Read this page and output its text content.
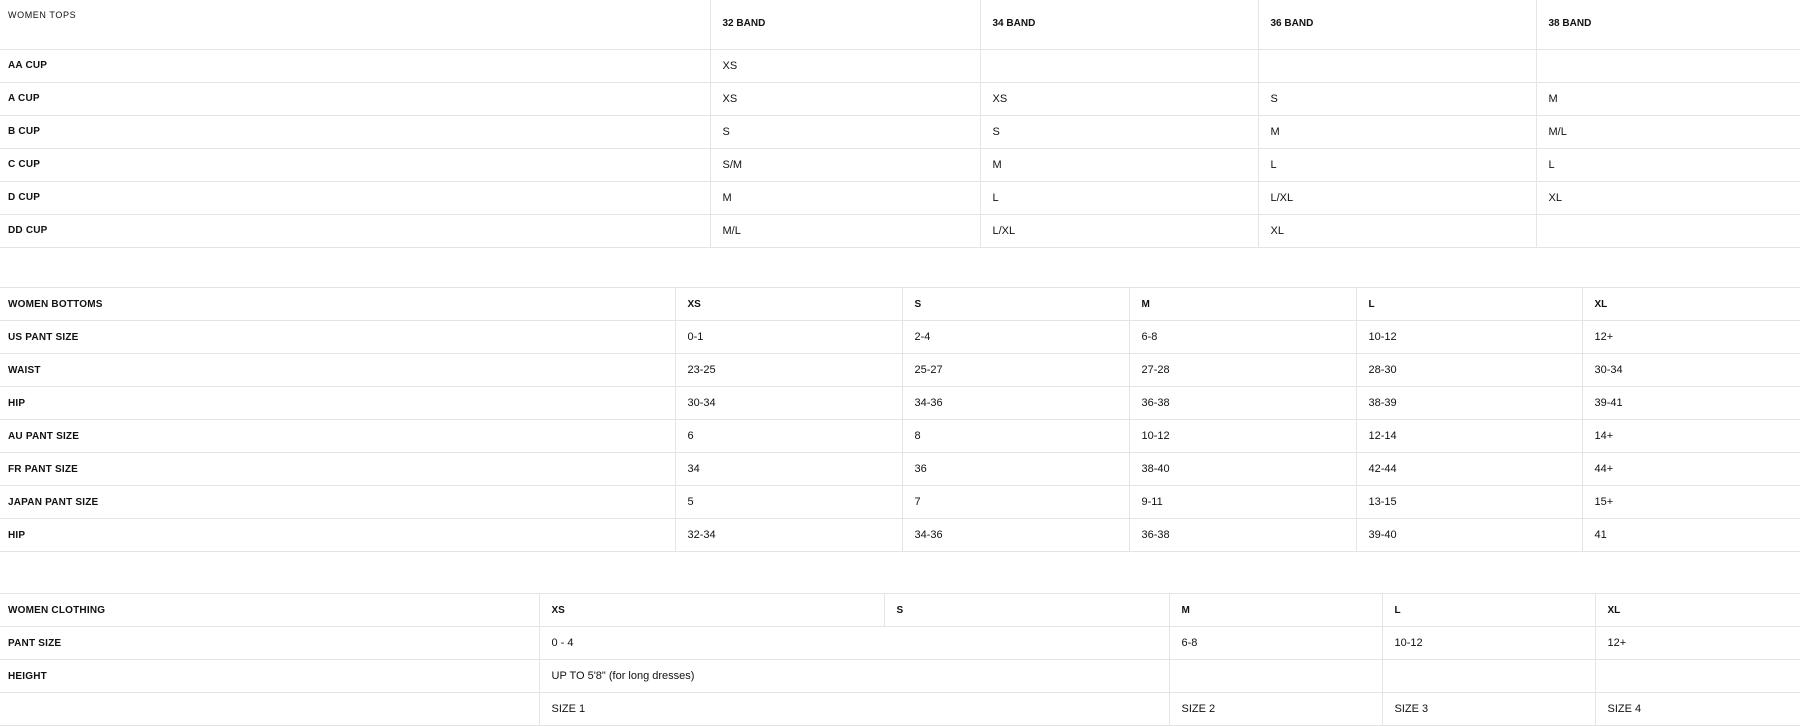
WOMEN TOPS	32 BAND	34 BAND	36 BAND	38 BAND
AA CUP	XS			
A CUP	XS	XS	S	M
B CUP	S	S	M	M/L
C CUP	S/M	M	L	L
D CUP	M	L	L/XL	XL
DD CUP	M/L	L/XL	XL	
WOMEN BOTTOMS	XS	S	M	L	XL
US PANT SIZE	0-1	2-4	6-8	10-12	12+
WAIST	23-25	25-27	27-28	28-30	30-34
HIP	30-34	34-36	36-38	38-39	39-41
AU PANT SIZE	6	8	10-12	12-14	14+
FR PANT SIZE	34	36	38-40	42-44	44+
JAPAN PANT SIZE	5	7	9-11	13-15	15+
HIP	32-34	34-36	36-38	39-40	41
WOMEN CLOTHING	XS	S	M	L	XL
PANT SIZE	0 - 4		6-8	10-12	12+
HEIGHT	UP TO 5'8" (for long dresses)				
	SIZE 1		SIZE 2	SIZE 3	SIZE 4
